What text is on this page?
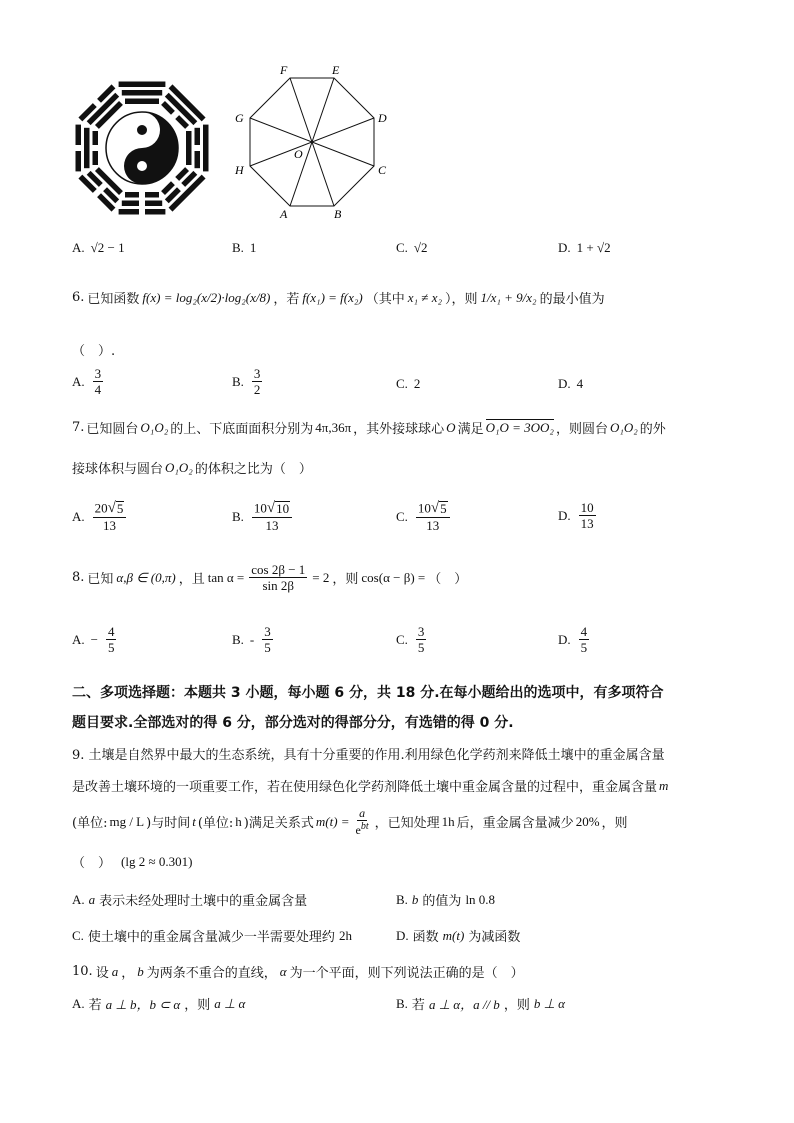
F	E
D
C
B
A
H
G
O
A. √2 − 1	B. 1	C. √2	D. 1 + √2
6. 已知函数 f(x) = log₂(x/2)·log₂(x/8) ，若 f(x₁) = f(x₂) （其中 x₁ ≠ x₂ ），则 1/x₁ + 9/x₂ 的最小值为
（　）.
A. $\frac{3}{4}$	B. $\frac{3}{2}$	C. 2	D. 4
7. 已知圆台 O₁O₂ 的上、下底面面积分别为 4π,36π ，其外接球球心 O 满足 O₁O = 3OO₂ ，则圆台 O₁O₂ 的外
接球体积与圆台 O₁O₂ 的体积之比为（　）
A. $\frac{20 √ 5}{13}$	B. $\frac{10 √ 10}{13}$	C. $\frac{10 √ 5}{13}$	D. $\frac{10}{13}$
8. 已知 α,β ∈ (0,π) ，且 $\tan \alpha = \frac{\cos 2\beta - 1}{\sin 2\beta} = 2$ ，则 cos(α − β) = （　）
A. − $\frac{4}{5}$	B. - $\frac{3}{5}$	C. $\frac{3}{5}$	D. $\frac{4}{5}$
二、多项选择题：本题共 3 小题，每小题 6 分，共 18 分.在每小题给出的选项中，有多项符合
题目要求.全部选对的得 6 分，部分选对的得部分分，有选错的得 0 分.
9. 土壤是自然界中最大的生态系统，具有十分重要的作用.利用绿色化学药剂来降低土壤中的重金属含量
是改善土壤环境的一项重要工作，若在使用绿色化学药剂降低土壤中重金属含量的过程中，重金属含量 m
(单位: mg / L )与时间 t (单位: h )满足关系式 $m(t) = \frac{a}{e^{bt}}$ ，已知处理 1h 后，重金属含量减少 20% ，则
（　） (lg 2 ≈ 0.301)
A. a 表示未经处理时土壤中的重金属含量	B. b 的值为 ln 0.8
C. 使土壤中的重金属含量减少一半需要处理约 2h	D. 函数 m(t) 为减函数
10. 设 a ， b 为两条不重合的直线， α 为一个平面，则下列说法正确的是（　）
A. 若 a ⊥ b，b ⊂ α ，则 a ⊥ α	B. 若 a ⊥ α，a // b ，则 b ⊥ α
